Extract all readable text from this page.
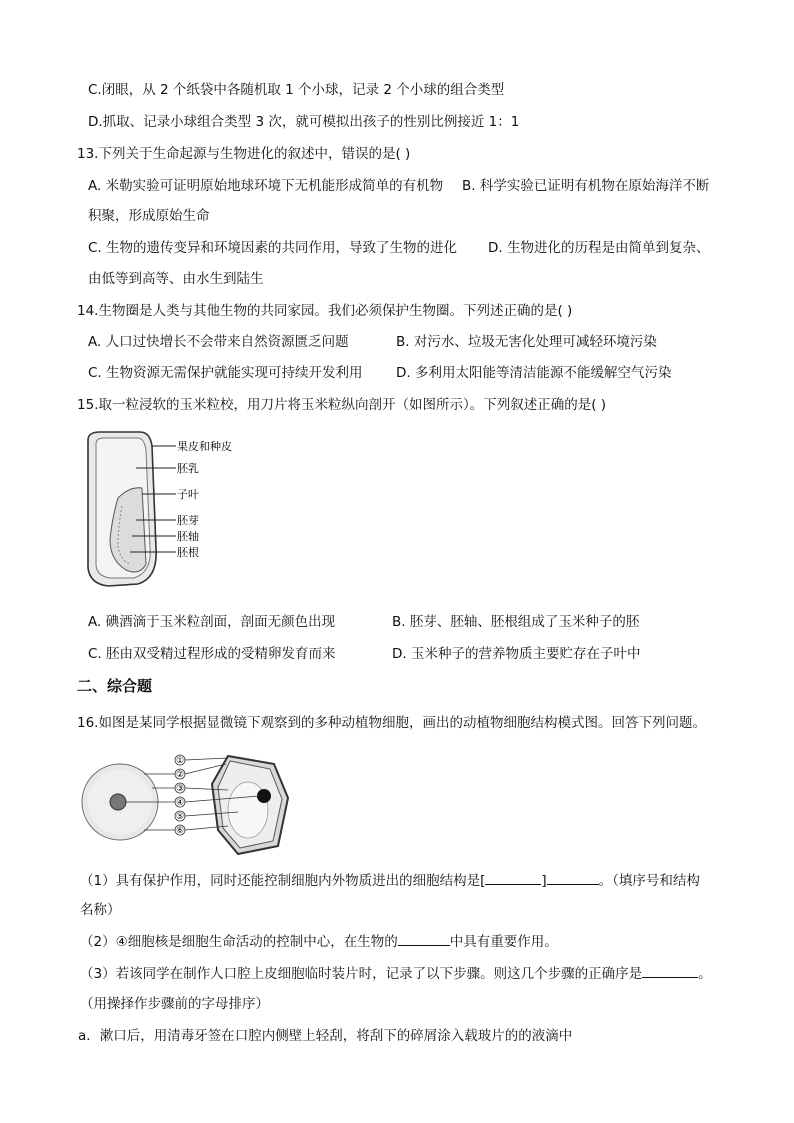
C.闭眼，从 2 个纸袋中各随机取 1 个小球，记录 2 个小球的组合类型
D.抓取、记录小球组合类型 3 次，就可模拟出孩子的性别比例接近 1：1
13.下列关于生命起源与生物进化的叙述中，错误的是( )
A. 米勒实验可证明原始地球环境下无机能形成简单的有机物 B. 科学实验已证明有机物在原始海洋不断
积聚，形成原始生命
C. 生物的遗传变异和环境因素的共同作用，导致了生物的进化 D. 生物进化的历程是由简单到复杂、
由低等到高等、由水生到陆生
14.生物圈是人类与其他生物的共同家园。我们必须保护生物圈。下列述正确的是( )
A. 人口过快增长不会带来自然资源匮乏问题	B. 对污水、垃圾无害化处理可减轻环境污染
C. 生物资源无需保护就能实现可持续开发利用 D. 多利用太阳能等清洁能源不能缓解空气污染
15.取一粒浸软的玉米粒校，用刀片将玉米粒纵向剖开（如图所示）。下列叙述正确的是( )
果皮和种皮
胚乳
子叶
胚芽
胚轴
胚根
A. 碘酒滴于玉米粒剖面，剖面无颜色出现	B. 胚芽、胚轴、胚根组成了玉米种子的胚
C. 胚由双受精过程形成的受精卵发育而来	D. 玉米种子的营养物质主要贮存在子叶中
二、综合题
16.如图是某同学根据显微镜下观察到的多种动植物细胞，画出的动植物细胞结构模式图。回答下列问题。
①
②
③
④
⑤
⑥
（1）具有保护作用，同时还能控制细胞内外物质进出的细胞结构是[	]	。（填序号和结构
名称）
（2）④细胞核是细胞生命活动的控制中心，在生物的	中具有重要作用。
（3）若该同学在制作人口腔上皮细胞临时装片时，记录了以下步骤。则这几个步骤的正确序是	。
（用操择作步骤前的字母排序）
a．漱口后，用清毒牙签在口腔内侧壁上轻刮，将刮下的碎屑涂入载玻片的的液滴中
